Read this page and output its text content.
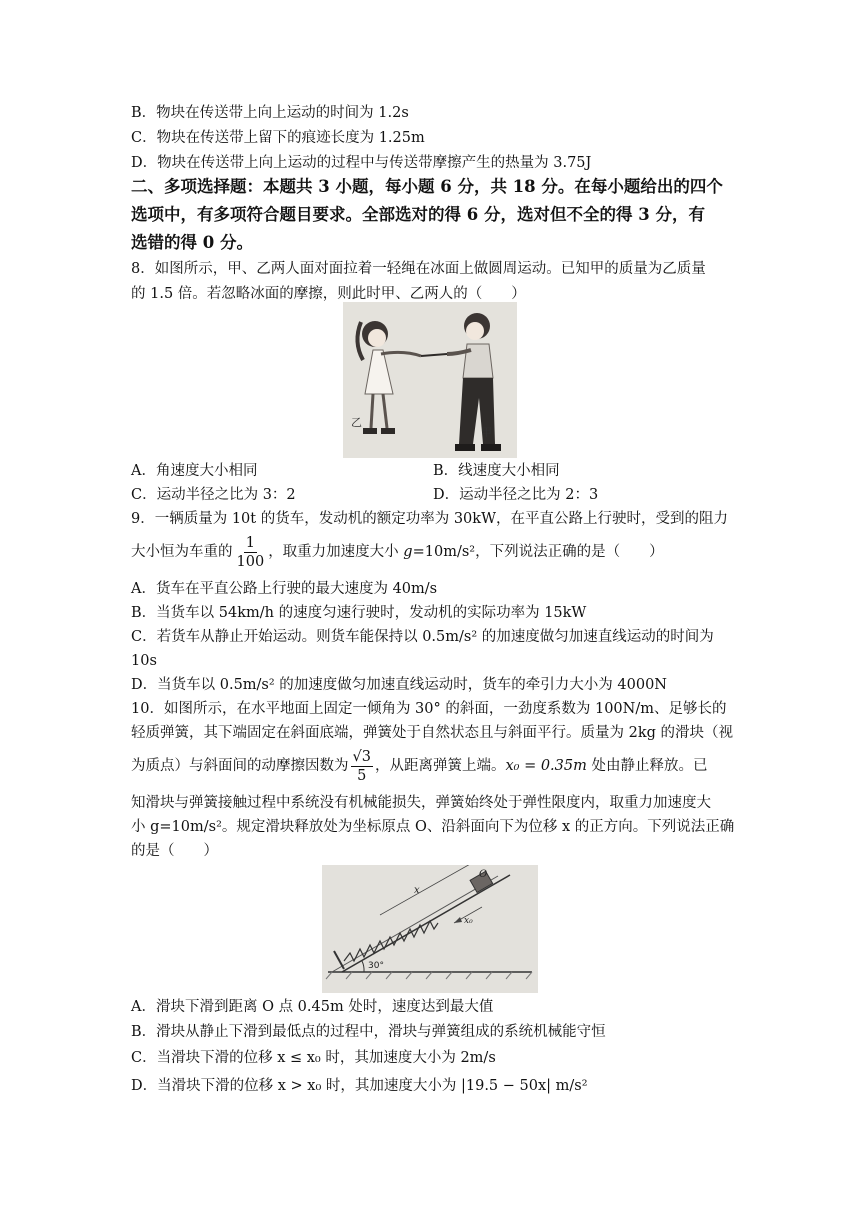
B．物块在传送带上向上运动的时间为 1.2s
C．物块在传送带上留下的痕迹长度为 1.25m
D．物块在传送带上向上运动的过程中与传送带摩擦产生的热量为 3.75J
二、多项选择题：本题共 3 小题，每小题 6 分，共 18 分。在每小题给出的四个
选项中，有多项符合题目要求。全部选对的得 6 分，选对但不全的得 3 分，有
选错的得 0 分。
8．如图所示，甲、乙两人面对面拉着一轻绳在冰面上做圆周运动。已知甲的质量为乙质量
的 1.5 倍。若忽略冰面的摩擦，则此时甲、乙两人的（　　）
乙
甲
A．角速度大小相同	B．线速度大小相同
C．运动半径之比为 3：2	D．运动半径之比为 2：3
9．一辆质量为 10t 的货车，发动机的额定功率为 30kW，在平直公路上行驶时，受到的阻力
大小恒为车重的 $\frac{1}{100}$ ，取重力加速度大小 g=10m/s²，下列说法正确的是（　　）
A．货车在平直公路上行驶的最大速度为 40m/s
B．当货车以 54km/h 的速度匀速行驶时，发动机的实际功率为 15kW
C．若货车从静止开始运动。则货车能保持以 0.5m/s² 的加速度做匀加速直线运动的时间为
10s
D．当货车以 0.5m/s² 的加速度做匀加速直线运动时，货车的牵引力大小为 4000N
10．如图所示，在水平地面上固定一倾角为 30° 的斜面，一劲度系数为 100N/m、足够长的
轻质弹簧，其下端固定在斜面底端，弹簧处于自然状态且与斜面平行。质量为 2kg 的滑块（视
为质点）与斜面间的动摩擦因数为 $\frac{√3}{5}$ ，从距离弹簧上端。x₀ = 0.35m 处由静止释放。已
知滑块与弹簧接触过程中系统没有机械能损失，弹簧始终处于弹性限度内，取重力加速度大
小 g=10m/s²。规定滑块释放处为坐标原点 O、沿斜面向下为位移 x 的正方向。下列说法正确
的是（　　）
x
x₀
O
30°
A．滑块下滑到距离 O 点 0.45m 处时，速度达到最大值
B．滑块从静止下滑到最低点的过程中，滑块与弹簧组成的系统机械能守恒
C．当滑块下滑的位移 x ≤ x₀ 时，其加速度大小为 2m/s
D．当滑块下滑的位移 x > x₀ 时，其加速度大小为 |19.5 − 50x| m/s²
